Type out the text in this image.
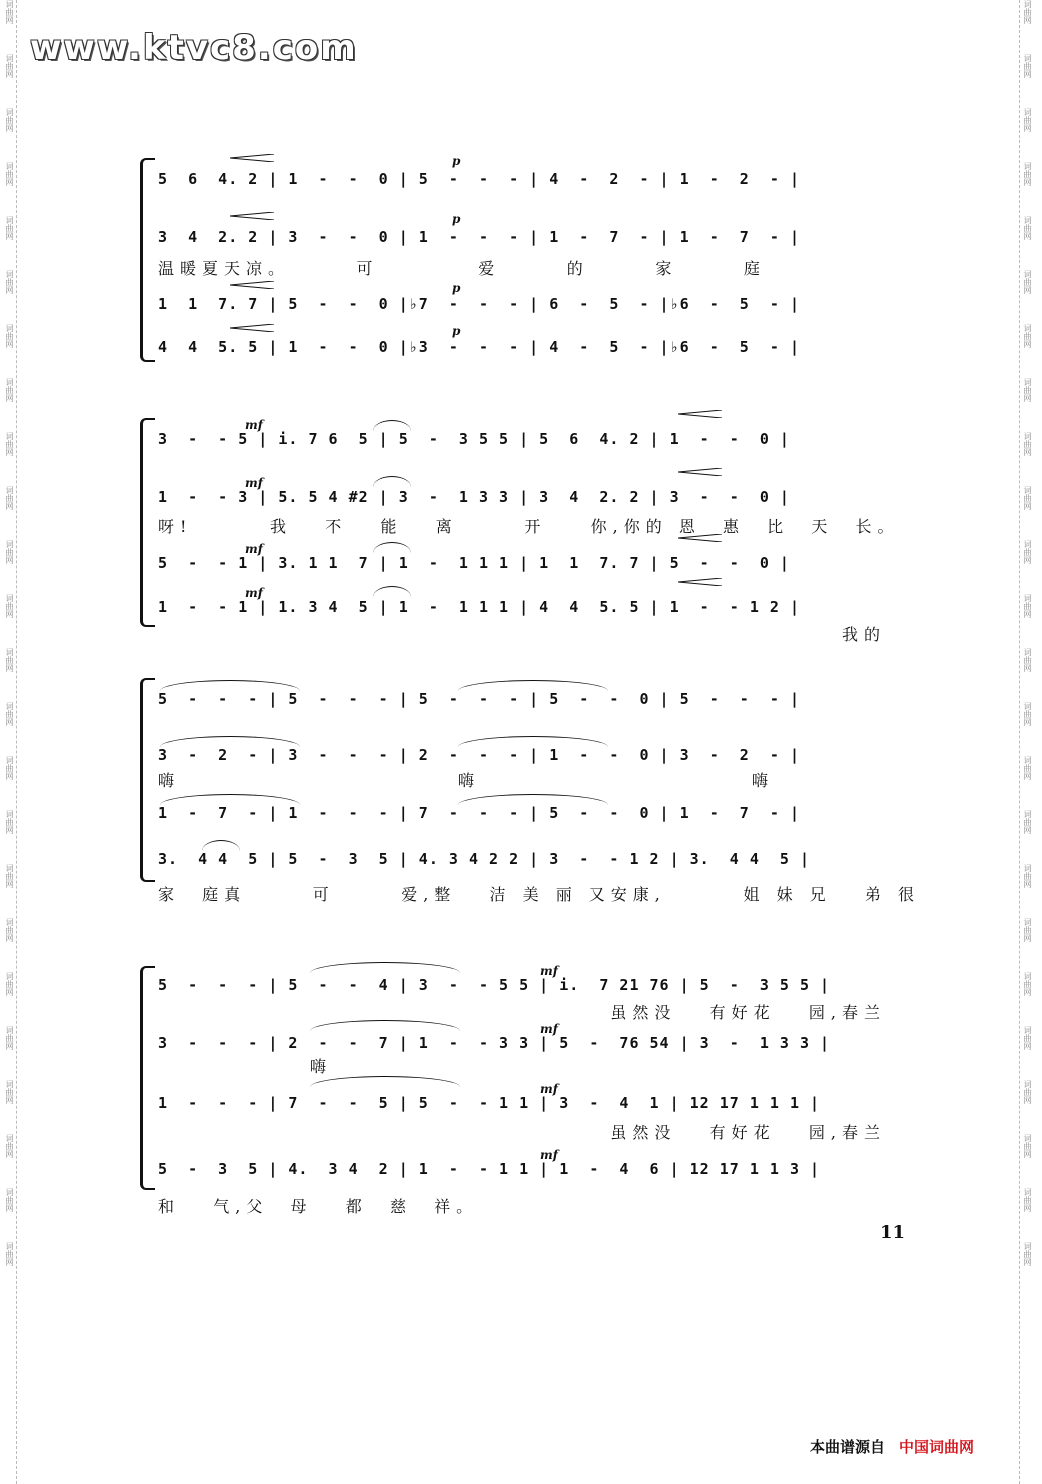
词曲网
词曲网
词曲网
词曲网
词曲网
词曲网
词曲网
词曲网
词曲网
词曲网
词曲网
词曲网
词曲网
词曲网
词曲网
词曲网
词曲网
词曲网
词曲网
词曲网
词曲网
词曲网
词曲网
词曲网
词曲网
词曲网
词曲网
词曲网
词曲网
词曲网
词曲网
词曲网
词曲网
词曲网
词曲网
词曲网
词曲网
词曲网
词曲网
词曲网
词曲网
词曲网
词曲网
词曲网
词曲网
词曲网
词曲网
词曲网
www.ktvc8.com
5  6  4. 2 | 1  -  -  0 | 5  -  -  - | 4  -  2  - | 1  -  2  - |
p
3  4  2. 2 | 3  -  -  0 | 1  -  -  - | 1  -  7  - | 1  -  7  - |
p
温暖夏天凉。      可         爱      的      家      庭
1  1  7. 7 | 5  -  -  0 |♭7  -  -  - | 6  -  5  - |♭6  -  5  - |
p
4  4  5. 5 | 1  -  -  0 |♭3  -  -  - | 4  -  5  - |♭6  -  5  - |
p
3  -  - 5 | i. 7 6  5 | 5  -  3 5 5 | 5  6  4. 2 | 1  -  -  0 |
mf
1  -  - 3 | 5. 5 4 #2 | 3  -  1 3 3 | 3  4  2. 2 | 3  -  -  0 |
mf
呀!       我   不   能   离      开    你,你的 恩  惠  比  天  长。
5  -  - 1 | 3. 1 1  7 | 1  -  1 1 1 | 1  1  7. 7 | 5  -  -  0 |
mf
1  -  - 1 | 1. 3 4  5 | 1  -  1 1 1 | 4  4  5. 5 | 1  -  - 1 2 |
mf
我的
5  -  -  - | 5  -  -  - | 5  -  -  - | 5  -  -  0 | 5  -  -  - |
3  -  2  - | 3  -  -  - | 2  -  -  - | 1  -  -  0 | 3  -  2  - |
嗨	嗨	嗨
1  -  7  - | 1  -  -  - | 7  -  -  - | 5  -  -  0 | 1  -  7  - |
3.  4 4  5 | 5  -  3  5 | 4. 3 4 2 2 | 3  -  - 1 2 | 3.  4 4  5 |
家  庭真      可      爱,整   洁 美 丽 又安康,       姐 妹 兄   弟 很
5  -  -  - | 5  -  -  4 | 3  -  - 5 5 | i.  7 21 76 | 5  -  3 5 5 |
mf
虽然没   有好花   园,春兰
3  -  -  - | 2  -  -  7 | 1  -  - 3 3 | 5  -  76 54 | 3  -  1 3 3 |
mf
嗨
1  -  -  - | 7  -  -  5 | 5  -  - 1 1 | 3  -  4  1 | 12 17 1 1 1 |
mf
虽然没   有好花   园,春兰
5  -  3  5 | 4.  3 4  2 | 1  -  - 1 1 | 1  -  4  6 | 12 17 1 1 3 |
mf
和   气,父  母   都  慈  祥。
11
本曲谱源自 中国词曲网
